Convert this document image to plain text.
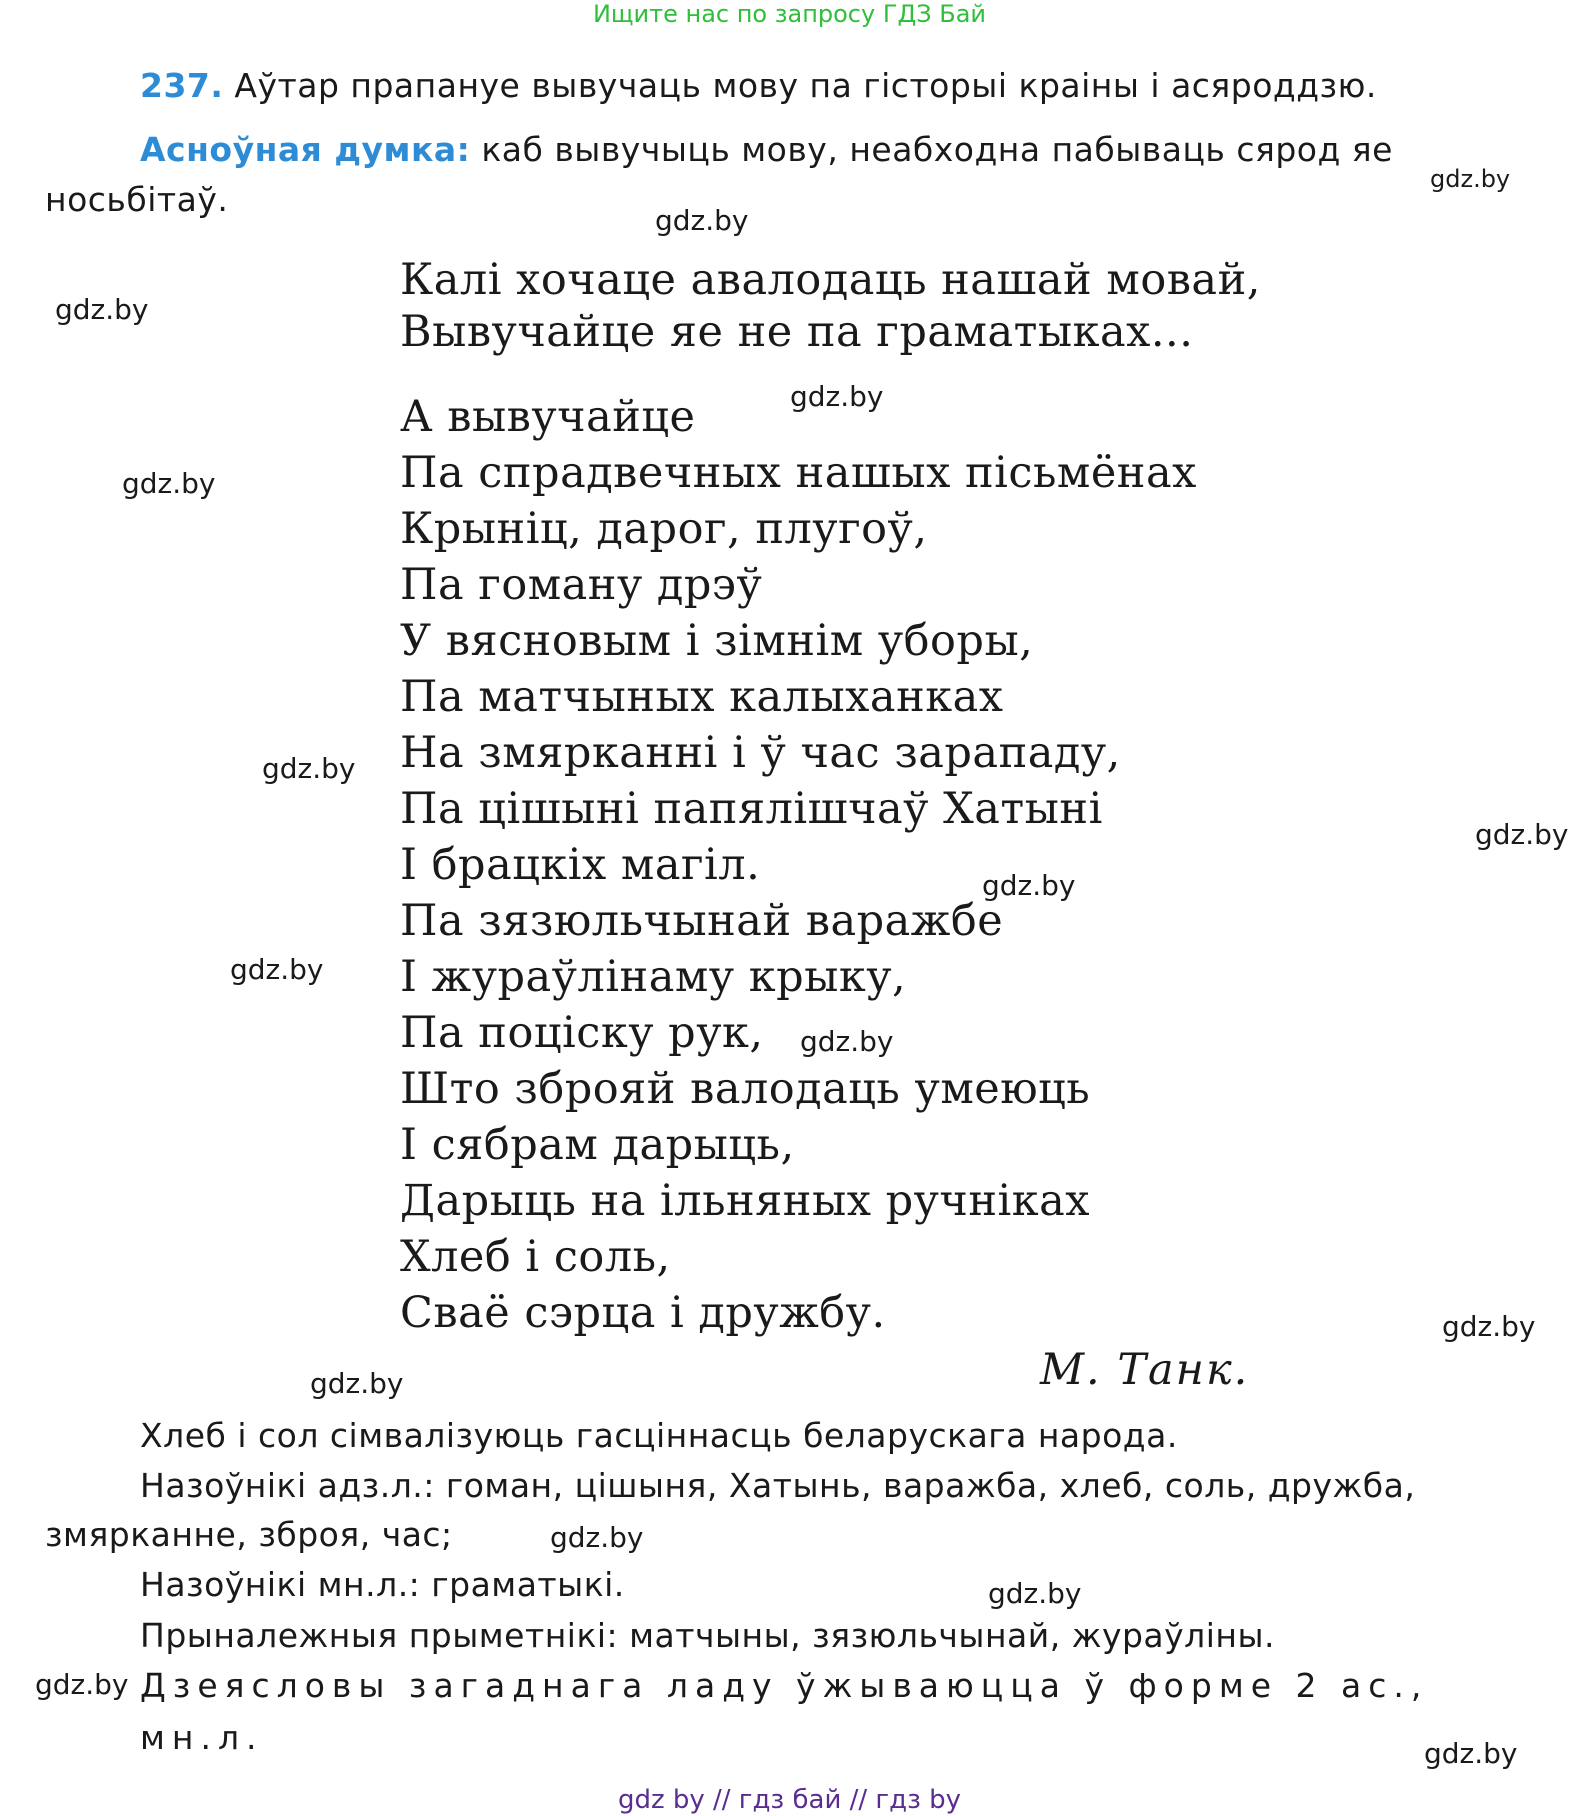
Ищите нас по запросу ГДЗ Бай
237. Аўтар прапануе вывучаць мову па гісторыі краіны і асяроддзю.
Асноўная думка: каб вывучыць мову, неабходна пабываць сярод яе
носьбітаў.
Калі хочаце авалодаць нашай мовай,
Вывучайце яе не па граматыках...
А вывучайце
Па спрадвечных нашых пісьмёнах
Крыніц, дарог, плугоў,
Па гоману дрэў
У вясновым і зімнім уборы,
Па матчыных калыханках
На змярканні і ў час зарападу,
Па цішыні папялішчаў Хатыні
І брацкіх магіл.
Па зязюльчынай варажбе
І жураўлінаму крыку,
Па поціску рук,
Што зброяй валодаць умеюць
І сябрам дарыць,
Дарыць на ільняных ручніках
Хлеб і соль,
Сваё сэрца і дружбу.
М. Танк.
Хлеб і сол сімвалізуюць гасціннасць беларускага народа.
Назоўнікі адз.л.: гоман, цішыня, Хатынь, варажба, хлеб, соль, дружба,
змярканне, зброя, час;
Назоўнікі мн.л.: граматыкі.
Прыналежныя прыметнікі: матчыны, зязюльчынай, жураўліны.
Дзеясловы загаднага ладу ўжываюцца ў форме 2 ас.,
мн.л.
gdz.by
gdz.by
gdz.by
gdz.by
gdz.by
gdz.by
gdz.by
gdz.by
gdz.by
gdz.by
gdz.by
gdz.by
gdz.by
gdz.by
gdz.by
gdz.by
gdz by // гдз бай // гдз by
